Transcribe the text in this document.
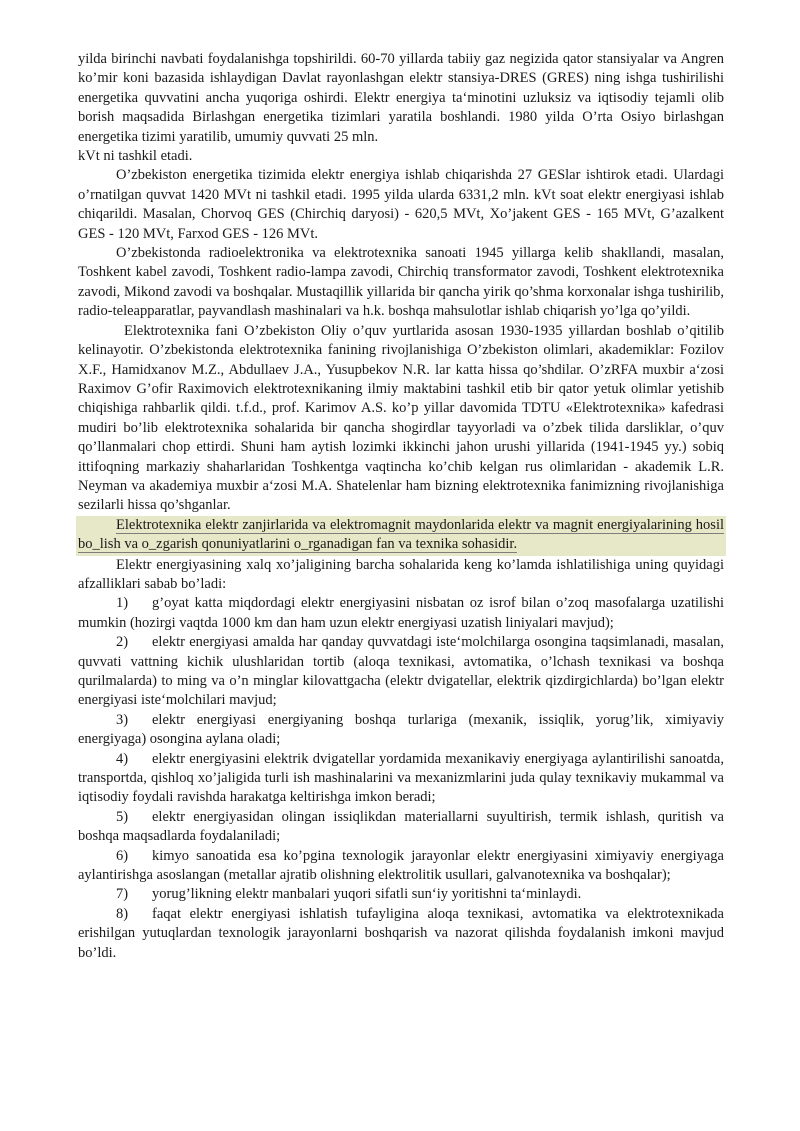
yilda birinchi navbati foydalanishga topshirildi. 60-70 yillarda tabiiy gaz negizida qator stansiyalar va Angren ko’mir koni bazasida ishlaydigan Davlat rayonlashgan elektr stansiya-DRES (GRES) ning ishga tushirilishi energetika quvvatini ancha yuqoriga oshirdi. Elektr energiya ta‘minotini uzluksiz va iqtisodiy tejamli olib borish maqsadida Birlashgan energetika tizimlari yaratila boshlandi. 1980 yilda O’rta Osiyo birlashgan energetika tizimi yaratilib, umumiy quvvati 25 mln.

kVt ni tashkil etadi.

O’zbekiston energetika tizimida elektr energiya ishlab chiqarishda 27 GESlar ishtirok etadi. Ulardagi o’rnatilgan quvvat 1420 MVt ni tashkil etadi. 1995 yilda ularda 6331,2 mln. kVt soat elektr energiyasi ishlab chiqarildi. Masalan, Chorvoq GES (Chirchiq daryosi) - 620,5 MVt, Xo’jakent GES - 165 MVt, G’azalkent GES - 120 MVt, Farxod GES - 126 MVt.

O’zbekistonda radioelektronika va elektrotexnika sanoati 1945 yillarga kelib shakllandi, masalan, Toshkent kabel zavodi, Toshkent radio-lampa zavodi, Chirchiq transformator zavodi, Toshkent elektrotexnika zavodi, Mikond zavodi va boshqalar. Mustaqillik yillarida bir qancha yirik qo’shma korxonalar ishga tushirilib, radio-teleapparatlar, payvandlash mashinalari va h.k. boshqa mahsulotlar ishlab chiqarish yo’lga qo’yildi.

Elektrotexnika fani O’zbekiston Oliy o’quv yurtlarida asosan 1930-1935 yillardan boshlab o’qitilib kelinayotir. O’zbekistonda elektrotexnika fanining rivojlanishiga O’zbekiston olimlari, akademiklar: Fozilov X.F., Hamidxanov M.Z., Abdullaev J.A., Yusupbekov N.R. lar katta hissa qo’shdilar. O’zRFA muxbir a‘zosi Raximov G’ofir Raximovich elektrotexnikaning ilmiy maktabini tashkil etib bir qator yetuk olimlar yetishib chiqishiga rahbarlik qildi. t.f.d., prof. Karimov A.S. ko’p yillar davomida TDTU «Elektrotexnika» kafedrasi mudiri bo’lib elektrotexnika sohalarida bir qancha shogirdlar tayyorladi va o’zbek tilida darsliklar, o’quv qo’llanmalari chop ettirdi. Shuni ham aytish lozimki ikkinchi jahon urushi yillarida (1941-1945 yy.) sobiq ittifoqning markaziy shaharlaridan Toshkentga vaqtincha ko’chib kelgan rus olimlaridan - akademik L.R. Neyman va akademiya muxbir a‘zosi M.A. Shatelenlar ham bizning elektrotexnika fanimizning rivojlanishiga sezilarli hissa qo’shganlar.

Elektrotexnika elektr zanjirlarida va elektromagnit maydonlarida elektr va magnit energiyalarining hosil bo_lish va o_zgarish qonuniyatlarini o_rganadigan fan va texnika sohasidir.

Elektr energiyasining xalq xo’jaligining barcha sohalarida keng ko’lamda ishlatilishiga uning quyidagi afzalliklari sabab bo’ladi:

1) g’oyat katta miqdordagi elektr energiyasini nisbatan oz isrof bilan o’zoq masofalarga uzatilishi mumkin (hozirgi vaqtda 1000 km dan ham uzun elektr energiyasi uzatish liniyalari mavjud);

2) elektr energiyasi amalda har qanday quvvatdagi iste‘molchilarga osongina taqsimlanadi, masalan, quvvati vattning kichik ulushlaridan tortib (aloqa texnikasi, avtomatika, o’lchash texnikasi va boshqa qurilmalarda) to ming va o’n minglar kilovattgacha (elektr dvigatellar, elektrik qizdirgichlarda) bo’lgan elektr energiyasi iste‘molchilari mavjud;

3) elektr energiyasi energiyaning boshqa turlariga (mexanik, issiqlik, yorug’lik, ximiyaviy energiyaga) osongina aylana oladi;

4) elektr energiyasini elektrik dvigatellar yordamida mexanikaviy energiyaga aylantirilishi sanoatda, transportda, qishloq xo’jaligida turli ish mashinalarini va mexanizmlarini juda qulay texnikaviy mukammal va iqtisodiy foydali ravishda harakatga keltirishga imkon beradi;

5) elektr energiyasidan olingan issiqlikdan materiallarni suyultirish, termik ishlash, quritish va boshqa maqsadlarda foydalaniladi;

6) kimyo sanoatida esa ko’pgina texnologik jarayonlar elektr energiyasini ximiyaviy energiyaga aylantirishga asoslangan (metallar ajratib olishning elektrolitik usullari, galvanotexnika va boshqalar);

7) yorug’likning elektr manbalari yuqori sifatli sun‘iy yoritishni ta‘minlaydi.

8) faqat elektr energiyasi ishlatish tufayligina aloqa texnikasi, avtomatika va elektrotexnikada erishilgan yutuqlardan texnologik jarayonlarni boshqarish va nazorat qilishda foydalanish imkoni mavjud bo’ldi.
